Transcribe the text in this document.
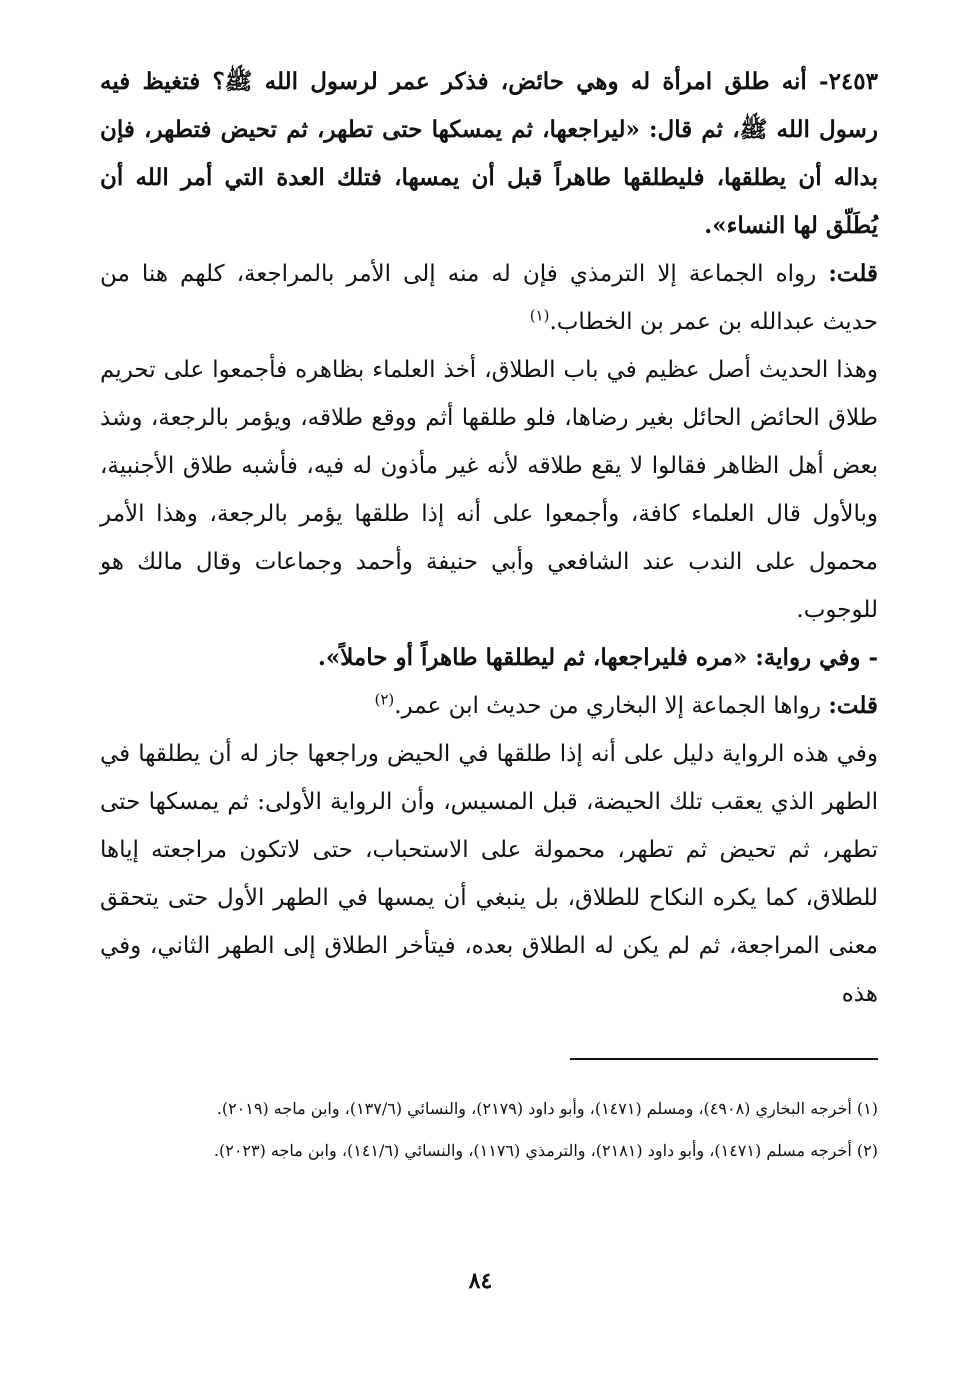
٢٤٥٣- أنه طلق امرأة له وهي حائض، فذكر عمر لرسول الله ﷺ؟ فتغيظ فيه رسول الله ﷺ، ثم قال: «ليراجعها، ثم يمسكها حتى تطهر، ثم تحيض فتطهر، فإن بداله أن يطلقها، فليطلقها طاهراً قبل أن يمسها، فتلك العدة التي أمر الله أن يُطَلّق لها النساء».

قلت: رواه الجماعة إلا الترمذي فإن له منه إلى الأمر بالمراجعة، كلهم هنا من حديث عبدالله بن عمر بن الخطاب.$^{(١)}$

وهذا الحديث أصل عظيم في باب الطلاق، أخذ العلماء بظاهره فأجمعوا على تحريم طلاق الحائض الحائل بغير رضاها، فلو طلقها أثم ووقع طلاقه، ويؤمر بالرجعة، وشذ بعض أهل الظاهر فقالوا لا يقع طلاقه لأنه غير مأذون له فيه، فأشبه طلاق الأجنبية، وبالأول قال العلماء كافة، وأجمعوا على أنه إذا طلقها يؤمر بالرجعة، وهذا الأمر محمول على الندب عند الشافعي وأبي حنيفة وأحمد وجماعات وقال مالك هو للوجوب.

- وفي رواية: «مره فليراجعها، ثم ليطلقها طاهراً أو حاملاً».

قلت: رواها الجماعة إلا البخاري من حديث ابن عمر.$^{(٢)}$

وفي هذه الرواية دليل على أنه إذا طلقها في الحيض وراجعها جاز له أن يطلقها في الطهر الذي يعقب تلك الحيضة، قبل المسيس، وأن الرواية الأولى: ثم يمسكها حتى تطهر، ثم تحيض ثم تطهر، محمولة على الاستحباب، حتى لاتكون مراجعته إياها للطلاق، كما يكره النكاح للطلاق، بل ينبغي أن يمسها في الطهر الأول حتى يتحقق معنى المراجعة، ثم لم يكن له الطلاق بعده، فيتأخر الطلاق إلى الطهر الثاني، وفي هذه

(١) أخرجه البخاري (٤٩٠٨)، ومسلم (١٤٧١)، وأبو داود (٢١٧٩)، والنسائي (١٣٧/٦)، وابن ماجه (٢٠١٩).

(٢) أخرجه مسلم (١٤٧١)، وأبو داود (٢١٨١)، والترمذي (١١٧٦)، والنسائي (١٤١/٦)، وابن ماجه (٢٠٢٣).

٨٤
